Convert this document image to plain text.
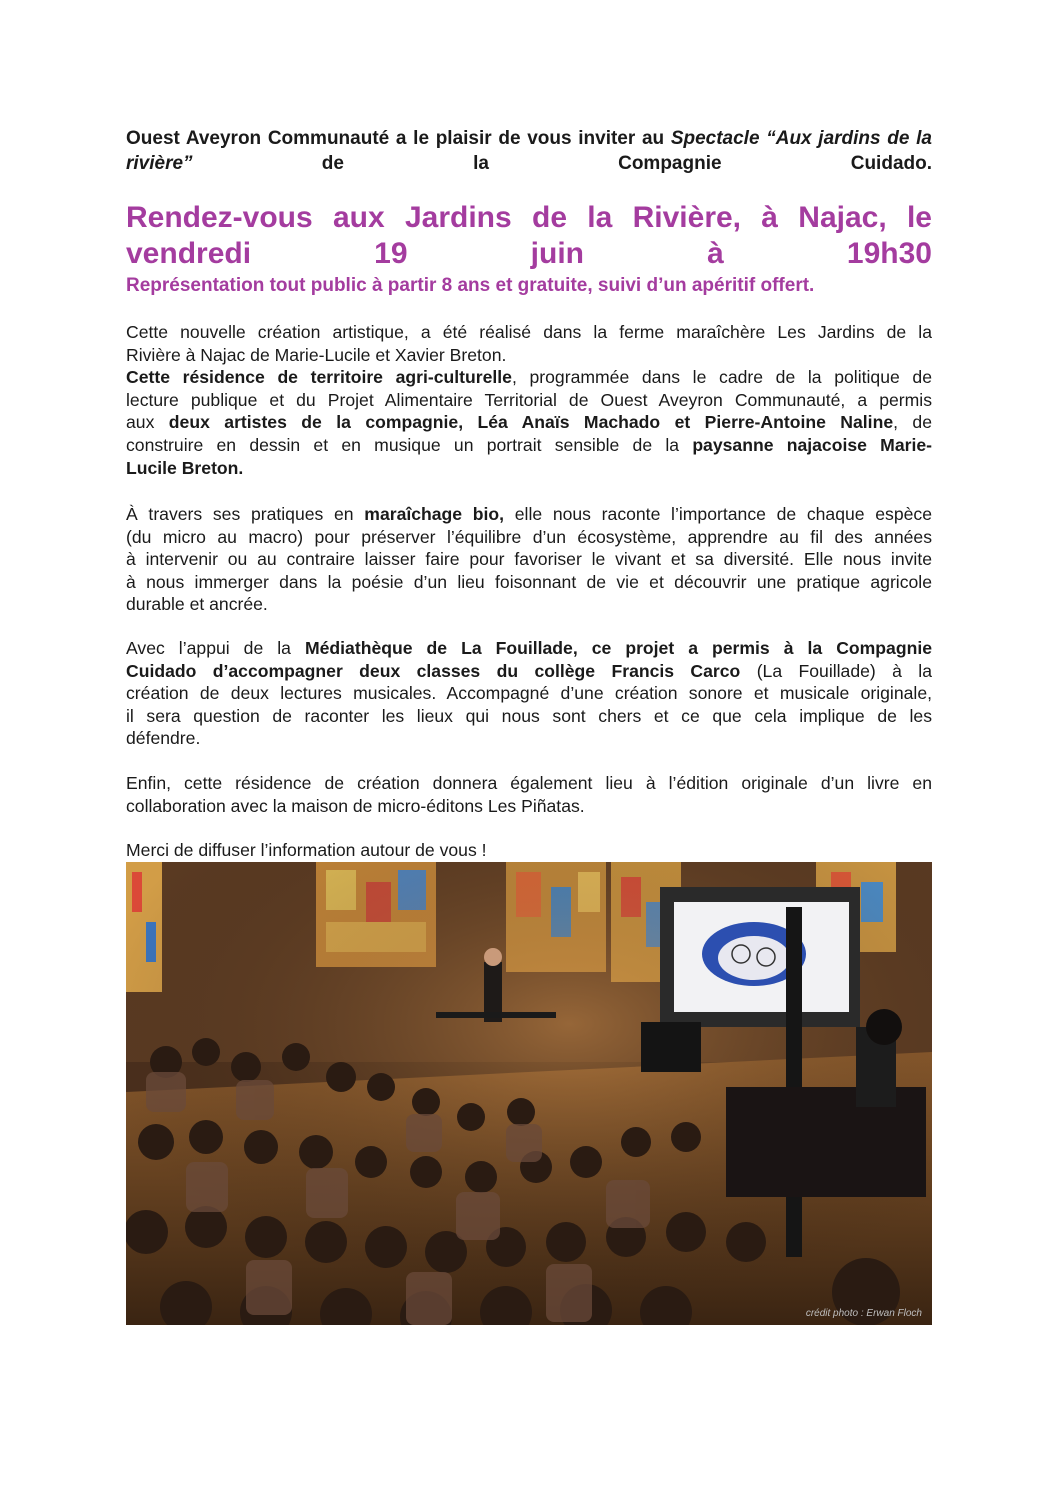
Ouest Aveyron Communauté a le plaisir de vous inviter au Spectacle “Aux jardins de la rivière” de la Compagnie Cuidado.
Rendez-vous aux Jardins de la Rivière, à Najac, le vendredi 19 juin à 19h30
Représentation tout public à partir 8 ans et gratuite, suivi d’un apéritif offert.
Cette nouvelle création artistique, a été réalisé dans la ferme maraîchère Les Jardins de la
Rivière à Najac de Marie-Lucile et Xavier Breton.
Cette résidence de territoire agri-culturelle, programmée dans le cadre de la politique de
lecture publique et du Projet Alimentaire Territorial de Ouest Aveyron Communauté, a permis
aux deux artistes de la compagnie, Léa Anaïs Machado et Pierre-Antoine Naline, de
construire en dessin et en musique un portrait sensible de la paysanne najacoise Marie-
Lucile Breton.
À travers ses pratiques en maraîchage bio, elle nous raconte l’importance de chaque espèce
(du micro au macro) pour préserver l’équilibre d’un écosystème, apprendre au fil des années
à intervenir ou au contraire laisser faire pour favoriser le vivant et sa diversité. Elle nous invite
à nous immerger dans la poésie d’un lieu foisonnant de vie et découvrir une pratique agricole
durable et ancrée.
Avec l’appui de la Médiathèque de La Fouillade, ce projet a permis à la Compagnie
Cuidado d’accompagner deux classes du collège Francis Carco (La Fouillade) à la
création de deux lectures musicales. Accompagné d’une création sonore et musicale originale,
il sera question de raconter les lieux qui nous sont chers et ce que cela implique de les
défendre.
Enfin, cette résidence de création donnera également lieu à l’édition originale d’un livre en
collaboration avec la maison de micro-éditons Les Piñatas.
Merci de diffuser l’information autour de vous !
crédit photo : Erwan Floch
